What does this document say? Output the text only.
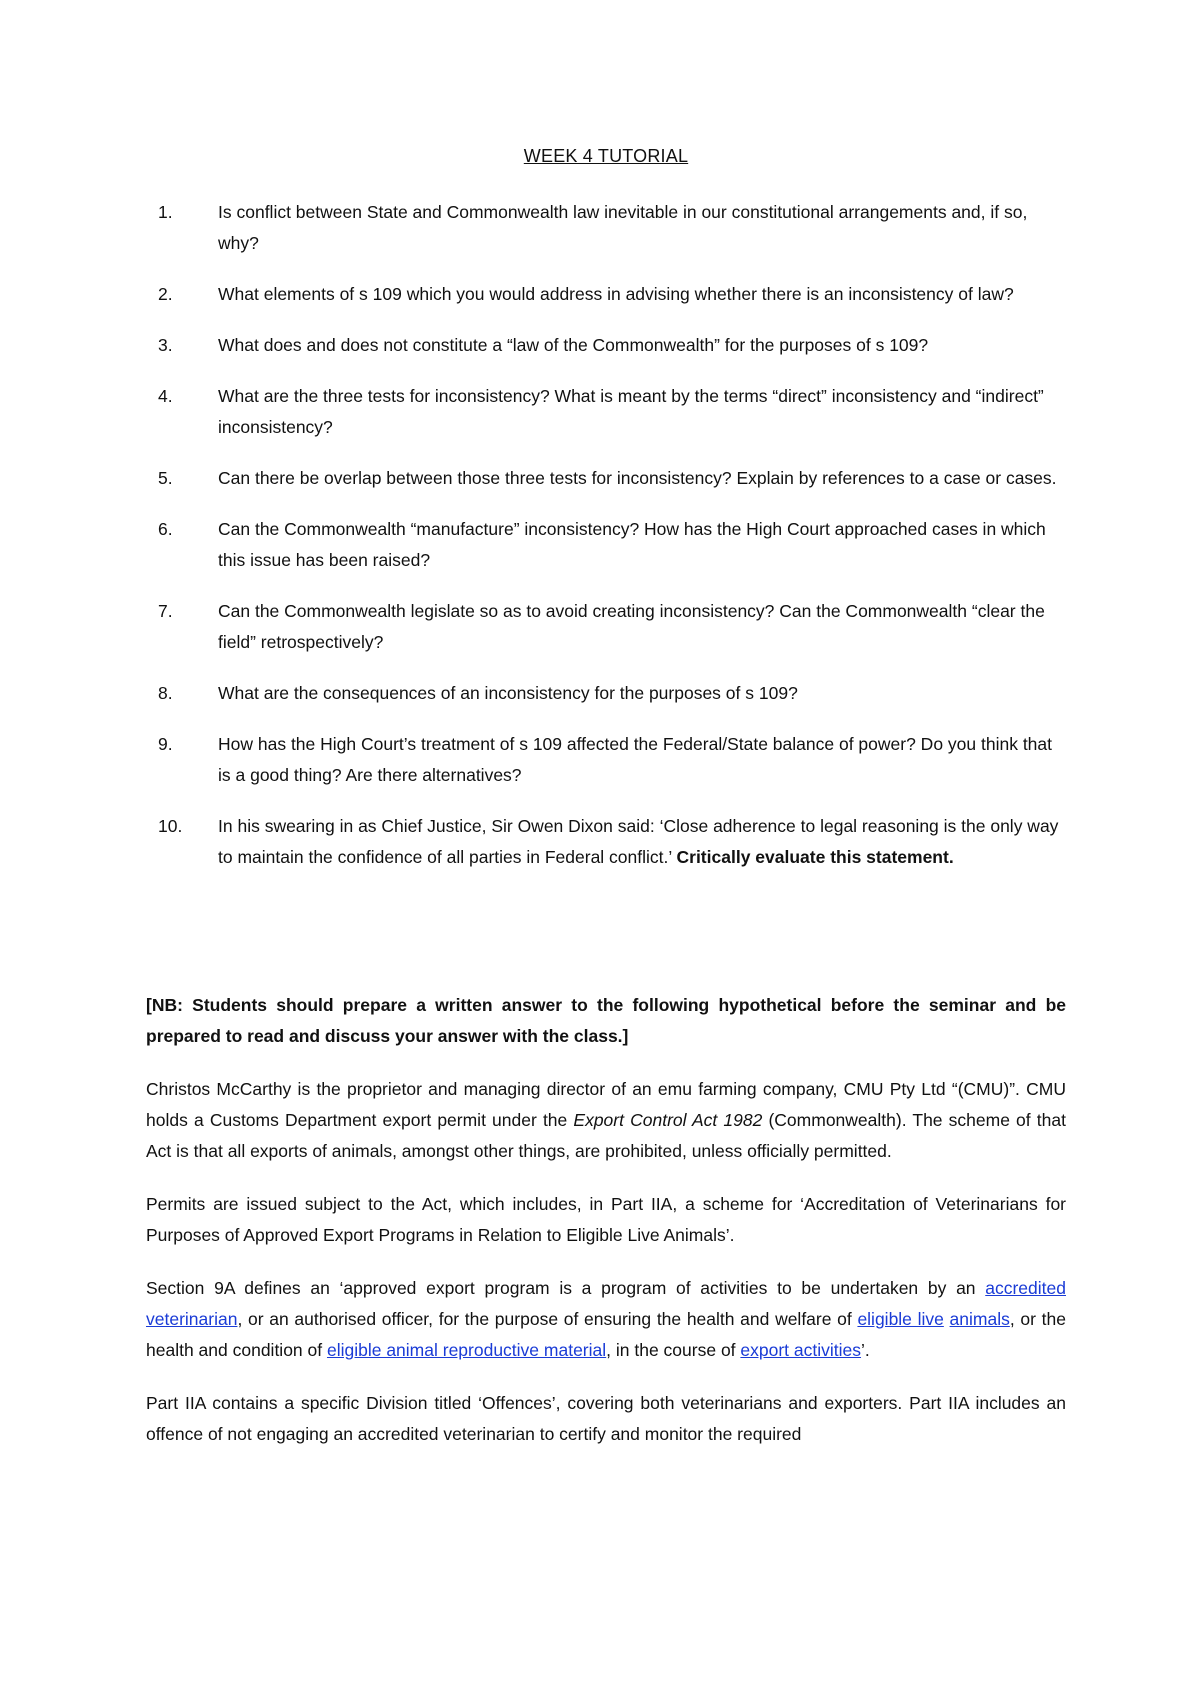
WEEK 4 TUTORIAL
1.	Is conflict between State and Commonwealth law inevitable in our constitutional arrangements and, if so, why?
2.	What elements of s 109 which you would address in advising whether there is an inconsistency of law?
3.	What does and does not constitute a “law of the Commonwealth” for the purposes of s 109?
4.	What are the three tests for inconsistency? What is meant by the terms “direct” inconsistency and “indirect” inconsistency?
5.	Can there be overlap between those three tests for inconsistency? Explain by references to a case or cases.
6.	Can the Commonwealth “manufacture” inconsistency? How has the High Court approached cases in which this issue has been raised?
7.	Can the Commonwealth legislate so as to avoid creating inconsistency? Can the Commonwealth “clear the field” retrospectively?
8.	What are the consequences of an inconsistency for the purposes of s 109?
9.	How has the High Court’s treatment of s 109 affected the Federal/State balance of power? Do you think that is a good thing? Are there alternatives?
10.	In his swearing in as Chief Justice, Sir Owen Dixon said: ‘Close adherence to legal reasoning is the only way to maintain the confidence of all parties in Federal conflict.’ Critically evaluate this statement.

[NB: Students should prepare a written answer to the following hypothetical before the seminar and be prepared to read and discuss your answer with the class.]

Christos McCarthy is the proprietor and managing director of an emu farming company, CMU Pty Ltd “(CMU)”. CMU holds a Customs Department export permit under the Export Control Act 1982 (Commonwealth). The scheme of that Act is that all exports of animals, amongst other things, are prohibited, unless officially permitted.

Permits are issued subject to the Act, which includes, in Part IIA, a scheme for ‘Accreditation of Veterinarians for Purposes of Approved Export Programs in Relation to Eligible Live Animals’.

Section 9A defines an ‘approved export program is a program of activities to be undertaken by an accredited veterinarian, or an authorised officer, for the purpose of ensuring the health and welfare of eligible live animals, or the health and condition of eligible animal reproductive material, in the course of export activities’.

Part IIA contains a specific Division titled ‘Offences’, covering both veterinarians and exporters. Part IIA includes an offence of not engaging an accredited veterinarian to certify and monitor the required
